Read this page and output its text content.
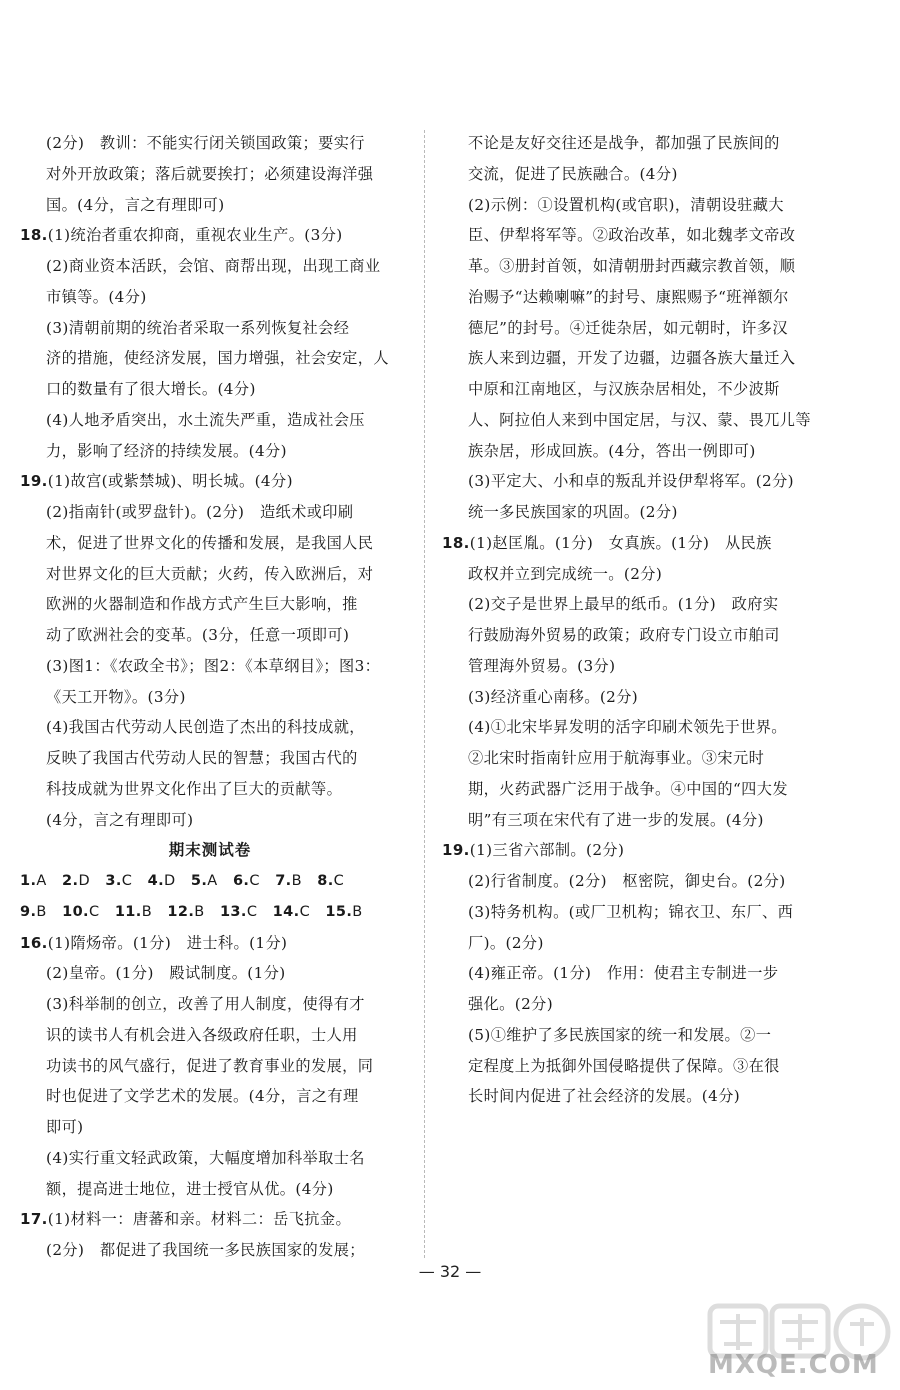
(2分)　教训：不能实行闭关锁国政策；要实行
对外开放政策；落后就要挨打；必须建设海洋强
国。(4分，言之有理即可)
18.(1)统治者重农抑商，重视农业生产。(3分)
(2)商业资本活跃，会馆、商帮出现，出现工商业
市镇等。(4分)
(3)清朝前期的统治者采取一系列恢复社会经
济的措施，使经济发展，国力增强，社会安定，人
口的数量有了很大增长。(4分)
(4)人地矛盾突出，水土流失严重，造成社会压
力，影响了经济的持续发展。(4分)
19.(1)故宫(或紫禁城)、明长城。(4分)
(2)指南针(或罗盘针)。(2分)　造纸术或印刷
术，促进了世界文化的传播和发展，是我国人民
对世界文化的巨大贡献；火药，传入欧洲后，对
欧洲的火器制造和作战方式产生巨大影响，推
动了欧洲社会的变革。(3分，任意一项即可)
(3)图1：《农政全书》；图2：《本草纲目》；图3：
《天工开物》。(3分)
(4)我国古代劳动人民创造了杰出的科技成就，
反映了我国古代劳动人民的智慧；我国古代的
科技成就为世界文化作出了巨大的贡献等。
(4分，言之有理即可)
期末测试卷
1.A   2.D   3.C   4.D   5.A   6.C   7.B   8.C  
9.B   10.C   11.B   12.B   13.C   14.C   15.B  
16.(1)隋炀帝。(1分)　进士科。(1分)
(2)皇帝。(1分)　殿试制度。(1分)
(3)科举制的创立，改善了用人制度，使得有才
识的读书人有机会进入各级政府任职，士人用
功读书的风气盛行，促进了教育事业的发展，同
时也促进了文学艺术的发展。(4分，言之有理
即可)
(4)实行重文轻武政策，大幅度增加科举取士名
额，提高进士地位，进士授官从优。(4分)
17.(1)材料一：唐蕃和亲。材料二：岳飞抗金。
(2分)　都促进了我国统一多民族国家的发展；
不论是友好交往还是战争，都加强了民族间的
交流，促进了民族融合。(4分)
(2)示例：①设置机构(或官职)，清朝设驻藏大
臣、伊犁将军等。②政治改革，如北魏孝文帝改
革。③册封首领，如清朝册封西藏宗教首领，顺
治赐予“达赖喇嘛”的封号、康熙赐予“班禅额尔
德尼”的封号。④迁徙杂居，如元朝时，许多汉
族人来到边疆，开发了边疆，边疆各族大量迁入
中原和江南地区，与汉族杂居相处，不少波斯
人、阿拉伯人来到中国定居，与汉、蒙、畏兀儿等
族杂居，形成回族。(4分，答出一例即可)
(3)平定大、小和卓的叛乱并设伊犁将军。(2分)
统一多民族国家的巩固。(2分)
18.(1)赵匡胤。(1分)　女真族。(1分)　从民族
政权并立到完成统一。(2分)
(2)交子是世界上最早的纸币。(1分)　政府实
行鼓励海外贸易的政策；政府专门设立市舶司
管理海外贸易。(3分)
(3)经济重心南移。(2分)
(4)①北宋毕昇发明的活字印刷术领先于世界。
②北宋时指南针应用于航海事业。③宋元时
期，火药武器广泛用于战争。④中国的“四大发
明”有三项在宋代有了进一步的发展。(4分)
19.(1)三省六部制。(2分)
(2)行省制度。(2分)　枢密院，御史台。(2分)
(3)特务机构。(或厂卫机构；锦衣卫、东厂、西
厂)。(2分)
(4)雍正帝。(1分)　作用：使君主专制进一步
强化。(2分)
(5)①维护了多民族国家的统一和发展。②一
定程度上为抵御外国侵略提供了保障。③在很
长时间内促进了社会经济的发展。(4分)
— 32 —
MXQE.COM
